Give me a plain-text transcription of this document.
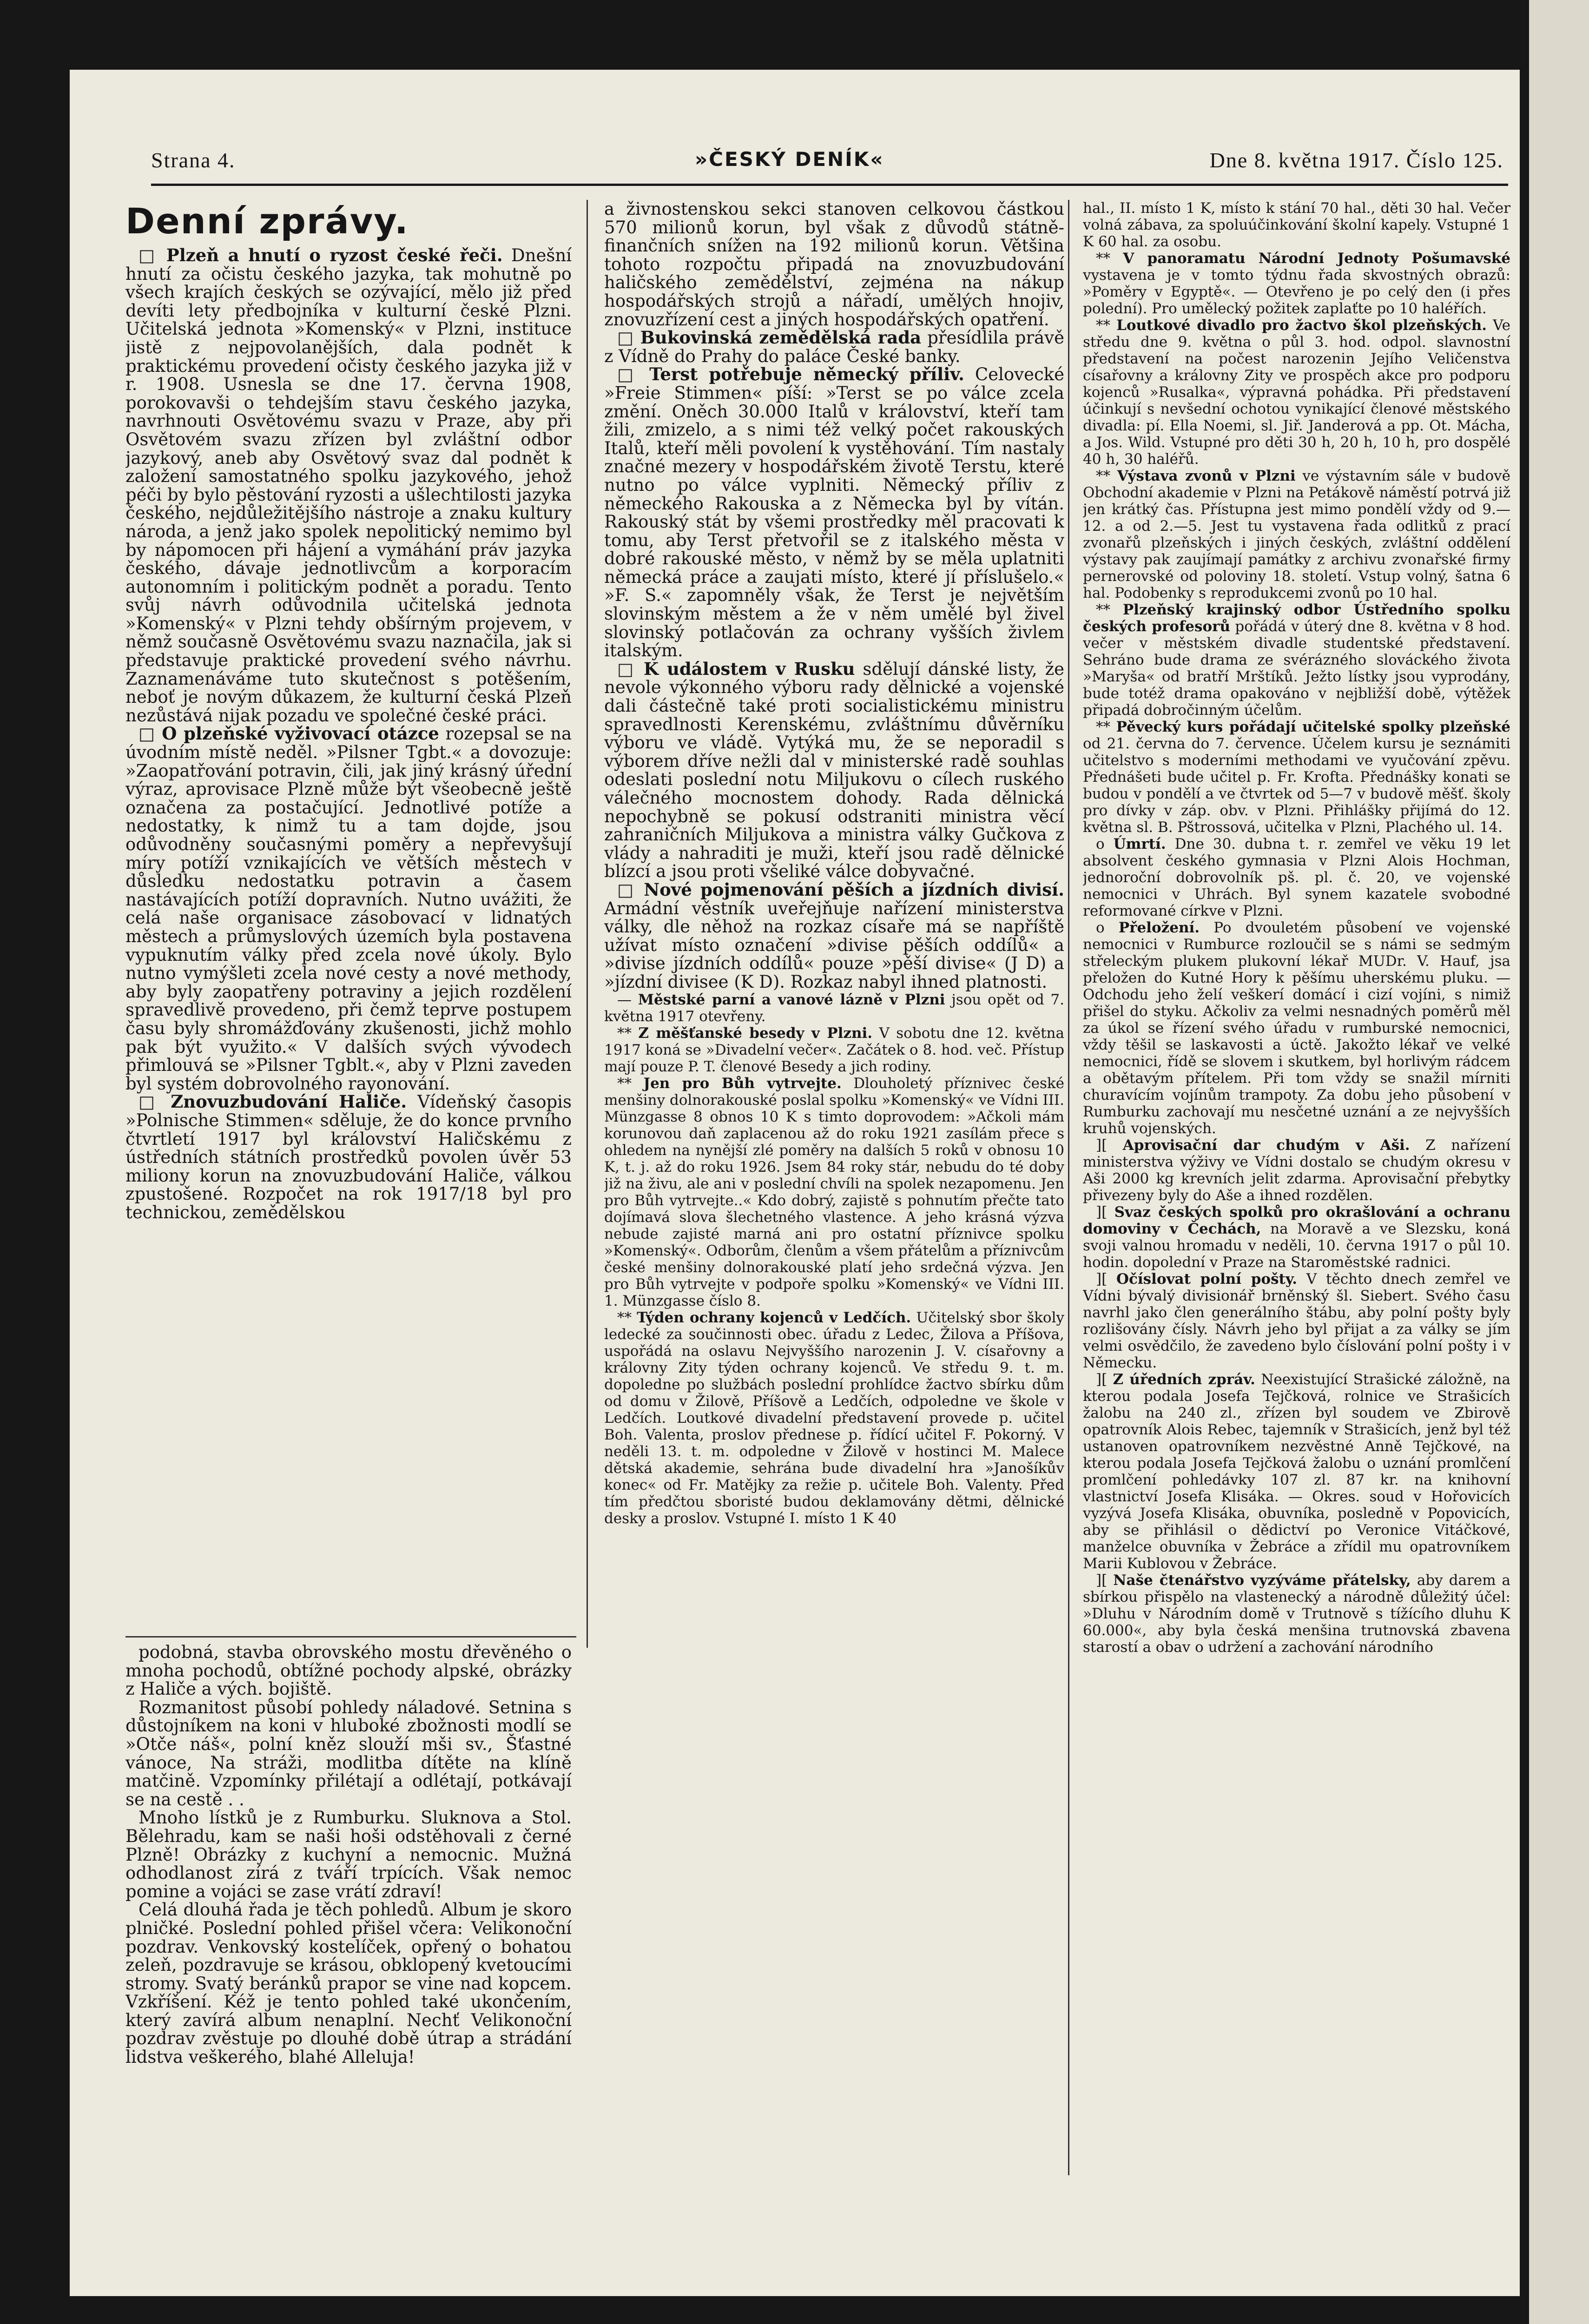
Strana 4.	»ČESKÝ DENÍK«	Dne 8. května 1917. Číslo 125.
Denní zprávy.

□ Plzeň a hnutí o ryzost české řeči. Dnešní hnutí za očistu českého jazyka, tak mohutně po všech krajích českých se ozývající, mělo již před devíti lety předbojníka v kulturní české Plzni. Učitelská jednota »Komenský« v Plzni, instituce jistě z nejpovolanějších, dala podnět k praktickému provedení očisty českého jazyka již v r. 1908. Usnesla se dne 17. června 1908, porokovavši o tehdejším stavu českého jazyka, navrhnouti Osvětovému svazu v Praze, aby při Osvětovém svazu zřízen byl zvláštní odbor jazykový, aneb aby Osvětový svaz dal podnět k založení samostatného spolku jazykového, jehož péči by bylo pěstování ryzosti a ušlechtilosti jazyka českého, nejdůležitějšího nástroje a znaku kultury národa, a jenž jako spolek nepolitický nemimo byl by nápomocen při hájení a vymáhání práv jazyka českého, dávaje jednotlivcům a korporacím autonomním i politickým podnět a poradu. Tento svůj návrh odůvodnila učitelská jednota »Komenský« v Plzni tehdy obšírným projevem, v němž současně Osvětovému svazu naznačila, jak si představuje praktické provedení svého návrhu. Zaznamenáváme tuto skutečnost s potěšením, neboť je novým důkazem, že kulturní česká Plzeň nezůstává nijak pozadu ve společné české práci.

□ O plzeňské vyživovací otázce rozepsal se na úvodním místě neděl. »Pilsner Tgbt.« a dovozuje: »Zaopatřování potravin, čili, jak jiný krásný úřední výraz, aprovisace Plzně může být všeobecně ještě označena za postačující. Jednotlivé potíže a nedostatky, k nimž tu a tam dojde, jsou odůvodněny současnými poměry a nepřevyšují míry potíží vznikajících ve větších městech v důsledku nedostatku potravin a časem nastávajících potíží dopravních. Nutno uvážiti, že celá naše organisace zásobovací v lidnatých městech a průmyslových územích byla postavena vypuknutím války před zcela nové úkoly. Bylo nutno vymýšleti zcela nové cesty a nové methody, aby byly zaopatřeny potraviny a jejich rozdělení spravedlivě provedeno, při čemž teprve postupem času byly shromážďovány zkušenosti, jichž mohlo pak být využito.« V dalších svých vývodech přimlouvá se »Pilsner Tgblt.«, aby v Plzni zaveden byl systém dobrovolného rayonování.

□ Znovuzbudování Haliče. Vídeňský časopis »Polnische Stimmen« sděluje, že do konce prvního čtvrtletí 1917 byl království Haličskému z ústředních státních prostředků povolen úvěr 53 miliony korun na znovuzbudování Haliče, válkou zpustošené. Rozpočet na rok 1917/18 byl pro technickou, zemědělskou

podobná, stavba obrovského mostu dřevěného o mnoha pochodů, obtížné pochody alpské, obrázky z Haliče a vých. bojiště.

Rozmanitost působí pohledy náladové. Setnina s důstojníkem na koni v hluboké zbožnosti modlí se »Otče náš«, polní kněz slouží mši sv., Šťastné vánoce, Na stráži, modlitba dítěte na klíně matčině. Vzpomínky přilétají a odlétají, potkávají se na cestě . .

Mnoho lístků je z Rumburku. Sluknova a Stol. Bělehradu, kam se naši hoši odstěhovali z černé Plzně! Obrázky z kuchyní a nemocnic. Mužná odhodlanost zírá z tváří trpících. Však nemoc pomine a vojáci se zase vrátí zdraví!

Celá dlouhá řada je těch pohledů. Album je skoro plničké. Poslední pohled přišel včera: Velikonoční pozdrav. Venkovský kostelíček, opřený o bohatou zeleň, pozdravuje se krásou, obklopený kvetoucími stromy. Svatý beránků prapor se vine nad kopcem. Vzkříšení. Kéž je tento pohled také ukončením, který zavírá album nenaplní. Nechť Velikonoční pozdrav zvěstuje po dlouhé době útrap a strádání lidstva veškerého, blahé Alleluja!

a živnostenskou sekci stanoven celkovou částkou 570 milionů korun, byl však z důvodů státně-finančních snížen na 192 milionů korun. Většina tohoto rozpočtu připadá na znovuzbudování haličského zemědělství, zejména na nákup hospodářských strojů a nářadí, umělých hnojiv, znovuzřízení cest a jiných hospodářských opatření.

□ Bukovinská zemědělská rada přesídlila právě z Vídně do Prahy do paláce České banky.

□ Terst potřebuje německý příliv. Celovecké »Freie Stimmen« píší: »Terst se po válce zcela změní. Oněch 30.000 Italů v království, kteří tam žili, zmizelo, a s nimi též velký počet rakouských Italů, kteří měli povolení k vystěhování. Tím nastaly značné mezery v hospodářském životě Terstu, které nutno po válce vyplniti. Německý příliv z německého Rakouska a z Německa byl by vítán. Rakouský stát by všemi prostředky měl pracovati k tomu, aby Terst přetvořil se z italského města v dobré rakouské město, v němž by se měla uplatniti německá práce a zaujati místo, které jí příslušelo.« »F. S.« zapomněly však, že Terst je největším slovinským městem a že v něm umělé byl živel slovinský potlačován za ochrany vyšších živlem italským.

□ K událostem v Rusku sdělují dánské listy, že nevole výkonného výboru rady dělnické a vojenské dali částečně také proti socialistickému ministru spravedlnosti Kerenskému, zvláštnímu důvěrníku výboru ve vládě. Vytýká mu, že se neporadil s výborem dříve nežli dal v ministerské radě souhlas odeslati poslední notu Miljukovu o cílech ruského válečného mocnostem dohody. Rada dělnická nepochybně se pokusí odstraniti ministra věcí zahraničních Miljukova a ministra války Gučkova z vlády a nahraditi je muži, kteří jsou radě dělnické blízcí a jsou proti všeliké válce dobyvačné.

□ Nové pojmenování pěších a jízdních divisí. Armádní věstník uveřejňuje nařízení ministerstva války, dle něhož na rozkaz císaře má se napříště užívat místo označení »divise pěších oddílů« a »divise jízdních oddílů« pouze »pěší divise« (J D) a »jízdní divisee (K D). Rozkaz nabyl ihned platnosti.

— Městské parní a vanové lázně v Plzni jsou opět od 7. května 1917 otevřeny.

** Z měšťanské besedy v Plzni. V sobotu dne 12. května 1917 koná se »Divadelní večer«. Začátek o 8. hod. več. Přístup mají pouze P. T. členové Besedy a jich rodiny.

** Jen pro Bůh vytrvejte. Dlouholetý příznivec české menšiny dolnorakouské poslal spolku »Komenský« ve Vídni III. Münzgasse 8 obnos 10 K s timto doprovodem: »Ačkoli mám korunovou daň zaplacenou až do roku 1921 zasílám přece s ohledem na nynější zlé poměry na dalších 5 roků v obnosu 10 K, t. j. až do roku 1926. Jsem 84 roky stár, nebudu do té doby již na živu, ale ani v poslední chvíli na spolek nezapomenu. Jen pro Bůh vytrvejte..« Kdo dobrý, zajistě s pohnutím přečte tato dojímavá slova šlechetného vlastence. A jeho krásná výzva nebude zajisté marná ani pro ostatní příznivce spolku »Komenský«. Odborům, členům a všem přátelům a příznivcům české menšiny dolnorakouské platí jeho srdečná výzva. Jen pro Bůh vytrvejte v podpoře spolku »Komenský« ve Vídni III. 1. Münzgasse číslo 8.

** Týden ochrany kojenců v Ledčích. Učitelský sbor školy ledecké za součinnosti obec. úřadu z Ledec, Žilova a Příšova, uspořádá na oslavu Nejvyššího narozenin J. V. císařovny a královny Zity týden ochrany kojenců. Ve středu 9. t. m. dopoledne po službách poslední prohlídce žactvo sbírku dům od domu v Žilově, Příšově a Ledčích, odpoledne ve škole v Ledčích. Loutkové divadelní představení provede p. učitel Boh. Valenta, proslov přednese p. řídící učitel F. Pokorný. V neděli 13. t. m. odpoledne v Žilově v hostinci M. Malece dětská akademie, sehrána bude divadelní hra »Janošíkův konec« od Fr. Matějky za režie p. učitele Boh. Valenty. Před tím předčtou sboristé budou deklamovány dětmi, dělnické desky a proslov. Vstupné I. místo 1 K 40

hal., II. místo 1 K, místo k stání 70 hal., děti 30 hal. Večer volná zábava, za spoluúčinkování školní kapely. Vstupné 1 K 60 hal. za osobu.

** V panoramatu Národní Jednoty Pošumavské vystavena je v tomto týdnu řada skvostných obrazů: »Poměry v Egyptě«. — Otevřeno je po celý den (i přes polední). Pro umělecký požitek zaplaťte po 10 haléřích.

** Loutkové divadlo pro žactvo škol plzeňských. Ve středu dne 9. května o půl 3. hod. odpol. slavnostní představení na počest narozenin Jejího Veličenstva císařovny a královny Zity ve prospěch akce pro podporu kojenců »Rusalka«, výpravná pohádka. Při představení účinkují s nevšední ochotou vynikající členové městského divadla: pí. Ella Noemi, sl. Jiř. Janderová a pp. Ot. Mácha, a Jos. Wild. Vstupné pro děti 30 h, 20 h, 10 h, pro dospělé 40 h, 30 haléřů.

** Výstava zvonů v Plzni ve výstavním sále v budově Obchodní akademie v Plzni na Petákově náměstí potrvá již jen krátký čas. Přístupna jest mimo pondělí vždy od 9.—12. a od 2.—5. Jest tu vystavena řada odlitků z prací zvonařů plzeňských i jiných českých, zvláštní oddělení výstavy pak zaujímají památky z archivu zvonařské firmy pernerovské od poloviny 18. století. Vstup volný, šatna 6 hal. Podobenky s reprodukcemi zvonů po 10 hal.

** Plzeňský krajinský odbor Ústředního spolku českých profesorů pořádá v úterý dne 8. května v 8 hod. večer v městském divadle studentské představení. Sehráno bude drama ze svérázného slováckého života »Maryša« od bratří Mrštíků. Ježto lístky jsou vyprodány, bude totéž drama opakováno v nejbližší době, výtěžek připadá dobročinným účelům.

** Pěvecký kurs pořádají učitelské spolky plzeňské od 21. června do 7. července. Účelem kursu je seznámiti učitelstvo s moderními methodami ve vyučování zpěvu. Přednášeti bude učitel p. Fr. Krofta. Přednášky konati se budou v pondělí a ve čtvrtek od 5—7 v budově měšť. školy pro dívky v záp. obv. v Plzni. Přihlášky přijímá do 12. května sl. B. Pštrossová, učitelka v Plzni, Plachého ul. 14.

o Úmrtí. Dne 30. dubna t. r. zemřel ve věku 19 let absolvent českého gymnasia v Plzni Alois Hochman, jednoroční dobrovolník pš. pl. č. 20, ve vojenské nemocnici v Uhrách. Byl synem kazatele svobodné reformované církve v Plzni.

o Přeložení. Po dvouletém působení ve vojenské nemocnici v Rumburce rozloučil se s námi se sedmým střeleckým plukem plukovní lékař MUDr. V. Hauf, jsa přeložen do Kutné Hory k pěšímu uherskému pluku. — Odchodu jeho želí veškerí domácí i cizí vojíni, s nimiž přišel do styku. Ačkoliv za velmi nesnadných poměrů měl za úkol se řízení svého úřadu v rumburské nemocnici, vždy těšil se laskavosti a úctě. Jakožto lékař ve velké nemocnici, řídě se slovem i skutkem, byl horlivým rádcem a obětavým přítelem. Při tom vždy se snažil mírniti churavícím vojínům trampoty. Za dobu jeho působení v Rumburku zachovají mu nesčetné uznání a ze nejvyšších kruhů vojenských.

][ Aprovisační dar chudým v Aši. Z nařízení ministerstva výživy ve Vídni dostalo se chudým okresu v Aši 2000 kg krevních jelit zdarma. Aprovisační přebytky přivezeny byly do Aše a ihned rozdělen.

][ Svaz českých spolků pro okrašlování a ochranu domoviny v Čechách, na Moravě a ve Slezsku, koná svoji valnou hromadu v neděli, 10. června 1917 o půl 10. hodin. dopolední v Praze na Staroměstské radnici.

][ Očíslovat polní pošty. V těchto dnech zemřel ve Vídni bývalý divisionář brněnský šl. Siebert. Svého času navrhl jako člen generálního štábu, aby polní pošty byly rozlišovány čísly. Návrh jeho byl přijat a za války se jím velmi osvědčilo, že zavedeno bylo číslování polní pošty i v Německu.

][ Z úředních zpráv. Neexistující Strašické záložně, na kterou podala Josefa Tejčková, rolnice ve Strašicích žalobu na 240 zl., zřízen byl soudem ve Zbirově opatrovník Alois Rebec, tajemník v Strašicích, jenž byl též ustanoven opatrovníkem nezvěstné Anně Tejčkové, na kterou podala Josefa Tejčková žalobu o uznání promlčení promlčení pohledávky 107 zl. 87 kr. na knihovní vlastnictví Josefa Klisáka. — Okres. soud v Hořovicích vyzývá Josefa Klisáka, obuvníka, posledně v Popovicích, aby se přihlásil o dědictví po Veronice Vitáčkové, manželce obuvníka v Žebráce a zřídil mu opatrovníkem Marii Kublovou v Žebráce.

][ Naše čtenářstvo vyzýváme přátelsky, aby darem a sbírkou přispělo na vlastenecký a národně důležitý účel: »Dluhu v Národním domě v Trutnově s tížícího dluhu K 60.000«, aby byla česká menšina trutnovská zbavena starostí a obav o udržení a zachování národního
